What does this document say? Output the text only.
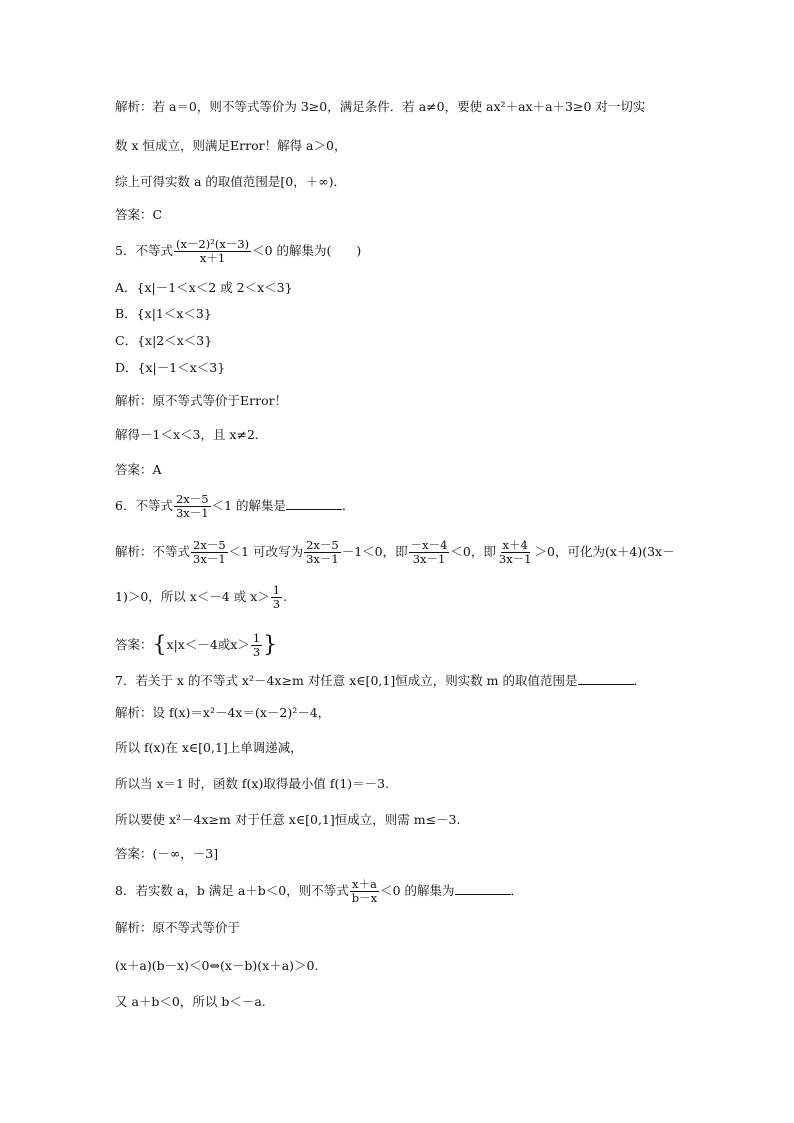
解析：若 a＝0，则不等式等价为 3≥0，满足条件．若 a≠0，要使 ax²＋ax＋a＋3≥0 对一切实
数 x 恒成立，则满足Error！解得 a＞0，
综上可得实数 a 的取值范围是[0，＋∞)．
答案：C
5．不等式 $\frac{\text{(x－2)²(x－3)}}{x+1} <0$ 的解集为(　　)
A．{x|－1＜x＜2 或 2＜x＜3}
B．{x|1＜x＜3}
C．{x|2＜x＜3}
D．{x|－1＜x＜3}
解析：原不等式等价于Error！
解得－1＜x＜3，且 x≠2.
答案：A
6．不等式 $\frac{2x-5}{3x-1} <1$ 的解集是	．
解析：不等式 $\frac{2x-5}{3x-1} <1$ 可改写为 $\frac{2x-5}{3x-1} -1<0$，即 $\frac{-x-4}{3x-1} <0$，即 $\frac{x+4}{3x-1} >0$，可化为(x＋4)(3x－
1)＞0，所以 x＜－4 或 $x> \frac{1}{3}$ .
答案：{x|x＜－4或$x> \frac{1}{3}$ }
7．若关于 x 的不等式 x²－4x≥m 对任意 x∈[0,1]恒成立，则实数 m 的取值范围是	．
解析：设 f(x)＝x²－4x＝(x－2)²－4，
所以 f(x)在 x∈[0,1]上单调递减，
所以当 x＝1 时，函数 f(x)取得最小值 f(1)＝－3.
所以要使 x²－4x≥m 对于任意 x∈[0,1]恒成立，则需 m≤－3.
答案：(－∞，－3]
8．若实数 a，b 满足 a＋b＜0，则不等式 $\frac{x+a}{b-x} <0$ 的解集为	．
解析：原不等式等价于
(x＋a)(b－x)＜0⇔(x－b)(x＋a)＞0.
又 a＋b＜0，所以 b＜－a.
